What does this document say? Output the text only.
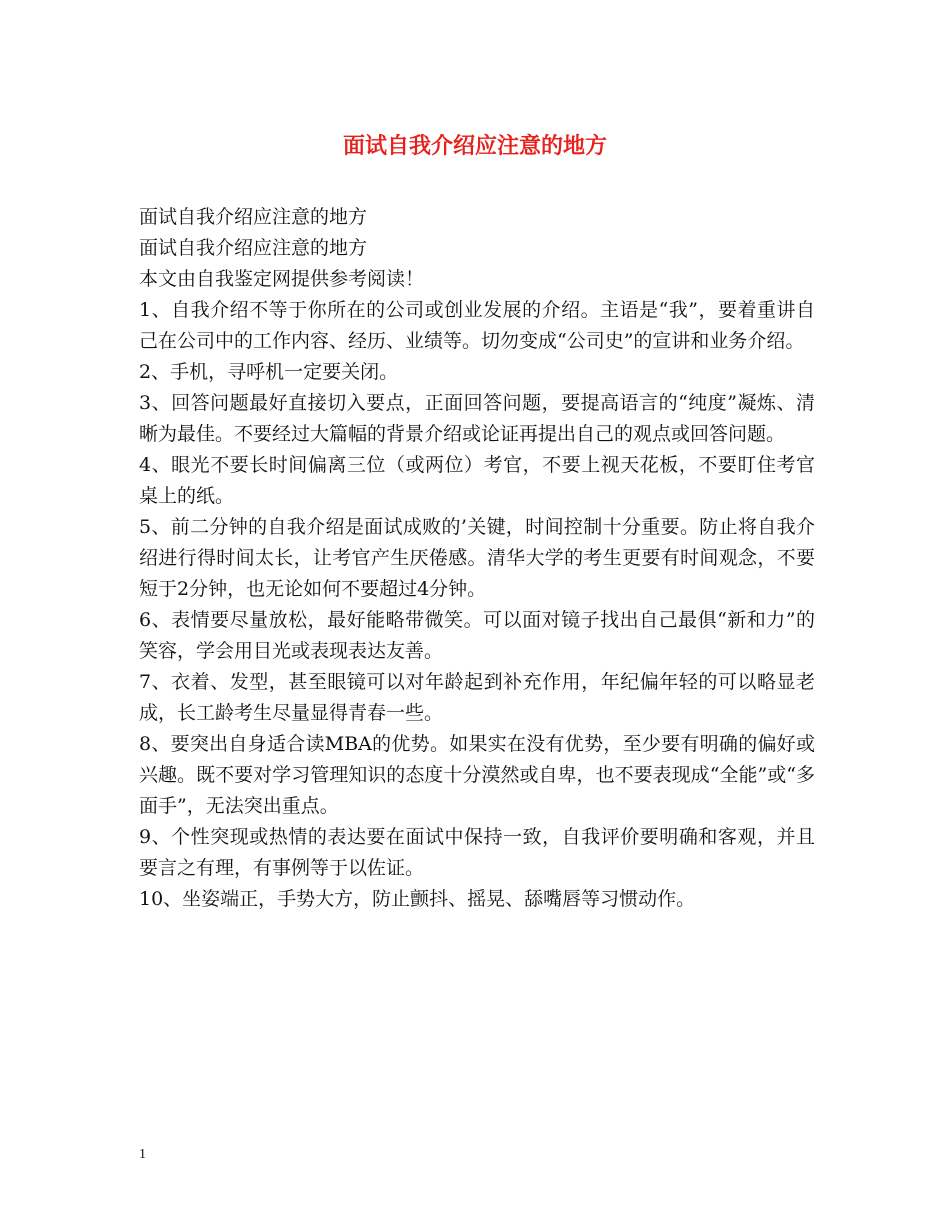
面试自我介绍应注意的地方

面试自我介绍应注意的地方

面试自我介绍应注意的地方

本文由自我鉴定网提供参考阅读！

1、自我介绍不等于你所在的公司或创业发展的介绍。主语是“我”，要着重讲自己在公司中的工作内容、经历、业绩等。切勿变成“公司史”的宣讲和业务介绍。

2、手机，寻呼机一定要关闭。

3、回答问题最好直接切入要点，正面回答问题，要提高语言的“纯度”凝炼、清晰为最佳。不要经过大篇幅的背景介绍或论证再提出自己的观点或回答问题。

4、眼光不要长时间偏离三位（或两位）考官，不要上视天花板，不要盯住考官桌上的纸。

5、前二分钟的自我介绍是面试成败的’关键，时间控制十分重要。防止将自我介绍进行得时间太长，让考官产生厌倦感。清华大学的考生更要有时间观念，不要短于2分钟，也无论如何不要超过4分钟。

6、表情要尽量放松，最好能略带微笑。可以面对镜子找出自己最俱“新和力”的笑容，学会用目光或表现表达友善。

7、衣着、发型，甚至眼镜可以对年龄起到补充作用，年纪偏年轻的可以略显老成，长工龄考生尽量显得青春一些。

8、要突出自身适合读MBA的优势。如果实在没有优势，至少要有明确的偏好或兴趣。既不要对学习管理知识的态度十分漠然或自卑，也不要表现成“全能”或“多面手”，无法突出重点。

9、个性突现或热情的表达要在面试中保持一致，自我评价要明确和客观，并且要言之有理，有事例等于以佐证。

10、坐姿端正，手势大方，防止颤抖、摇晃、舔嘴唇等习惯动作。

1
